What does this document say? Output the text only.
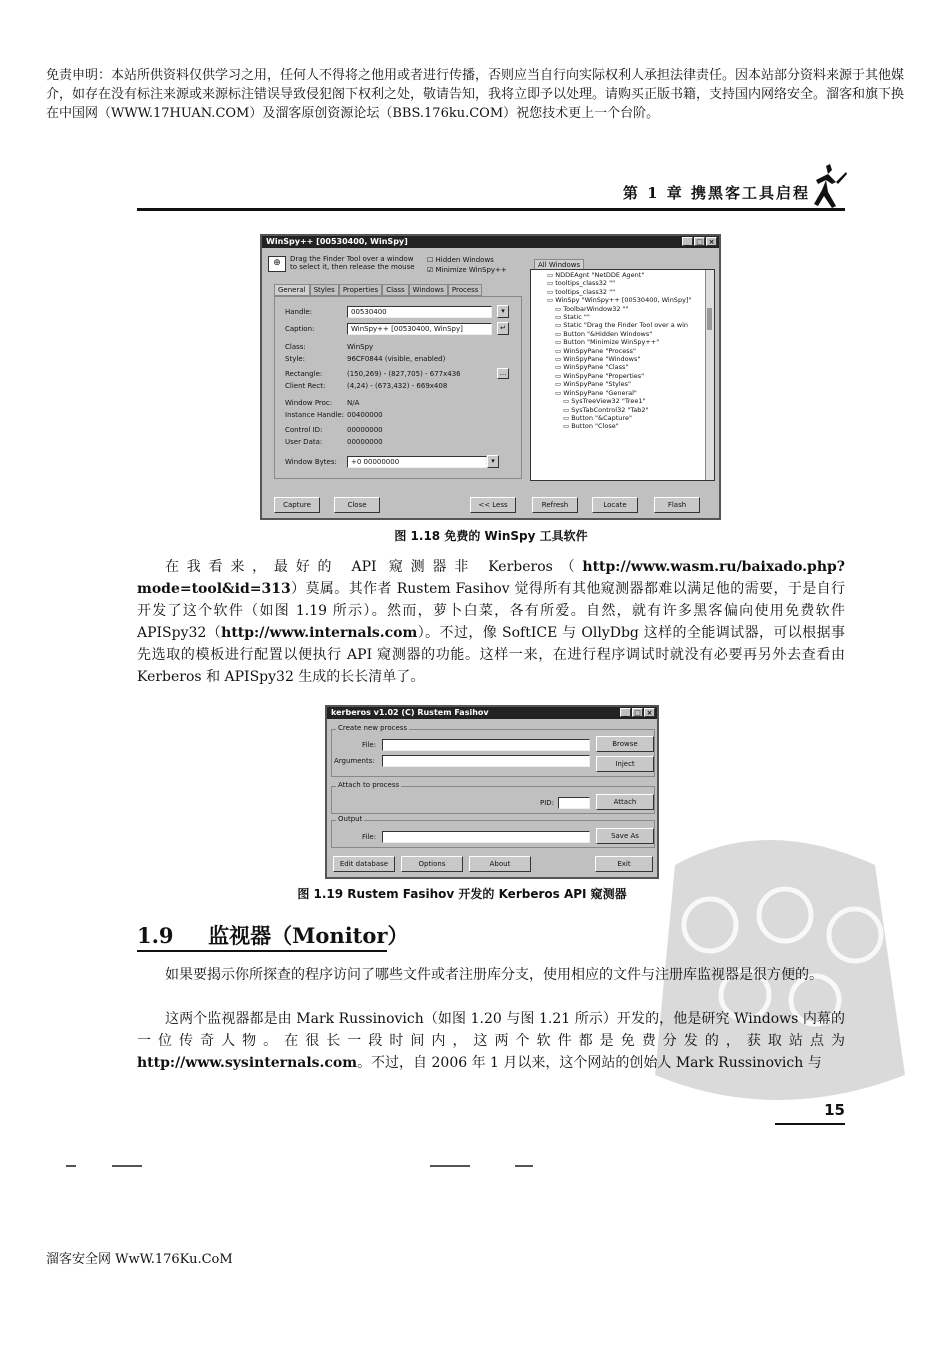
免责申明：本站所供资料仅供学习之用，任何人不得将之他用或者进行传播，否则应当自行向实际权利人承担法律责任。因本站部分资料来源于其他媒介，如存在没有标注来源或来源标注错误导致侵犯阁下权利之处，敬请告知，我将立即予以处理。请购买正版书籍，支持国内网络安全。溜客和旗下换在中国网（WWW.17HUAN.COM）及溜客原创资源论坛（BBS.176ku.COM）祝您技术更上一个台阶。
第 1 章 携黑客工具启程
WinSpy++ [00530400, WinSpy]	_ □ ×
⊕	Drag the Finder Tool over a window to select it, then release the mouse
☐ Hidden Windows
☑ Minimize WinSpy++
General	Styles	Properties	Class	Windows	Process
Handle:	00530400	▾
Caption:	WinSpy++ [00530400, WinSpy]	↵
Class:	WinSpy
Style:	96CF0844 (visible, enabled)
Rectangle:	(150,269) - (827,705) - 677x436	…
Client Rect:	(4,24) - (673,432) - 669x408
Window Proc: N/A
Instance Handle: 00400000
Control ID:	00000000
User Data:	00000000
Window Bytes:	+0 00000000	▾
All Windows
▭ NDDEAgnt "NetDDE Agent"
▭ tooltips_class32 ""
▭ tooltips_class32 ""
▭ WinSpy "WinSpy++ [00530400, WinSpy]"
▭ ToolbarWindow32 ""
▭ Static ""
▭ Static "Drag the Finder Tool over a win
▭ Button "&Hidden Windows"
▭ Button "Minimize WinSpy++"
▭ WinSpyPane "Process"
▭ WinSpyPane "Windows"
▭ WinSpyPane "Class"
▭ WinSpyPane "Properties"
▭ WinSpyPane "Styles"
▭ WinSpyPane "General"
▭ SysTreeView32 "Tree1"
▭ SysTabControl32 "Tab2"
▭ Button "&Capture"
▭ Button "Close"
Capture	Close	<< Less	Refresh	Locate	Flash
图 1.18 免费的 WinSpy 工具软件
在我看来，最好的 API 窥测器非 Kerberos（http://www.wasm.ru/baixado.php?mode=tool&id=313）莫属。其作者 Rustem Fasihov 觉得所有其他窥测器都难以满足他的需要，于是自行开发了这个软件（如图 1.19 所示）。然而，萝卜白菜，各有所爱。自然，就有许多黑客偏向使用免费软件 APISpy32（http://www.internals.com）。不过，像 SoftICE 与 OllyDbg 这样的全能调试器，可以根据事先选取的模板进行配置以便执行 API 窥测器的功能。这样一来，在进行程序调试时就没有必要再另外去查看由 Kerberos 和 APISpy32 生成的长长清单了。
kerberos v1.02 (C) Rustem Fasihov	_ □ ×
Create new process
File:
Arguments:
Browse
Inject
Attach to process
PID:	Attach
Output
File:	Save As
Edit database	Options	About	Exit
图 1.19 Rustem Fasihov 开发的 Kerberos API 窥测器
1.9 监视器（Monitor）
如果要揭示你所探查的程序访问了哪些文件或者注册库分支，使用相应的文件与注册库监视器是很方便的。
这两个监视器都是由 Mark Russinovich（如图 1.20 与图 1.21 所示）开发的，他是研究 Windows 内幕的一位传奇人物。在很长一段时间内，这两个软件都是免费分发的，获取站点为 http://www.sysinternals.com。不过，自 2006 年 1 月以来，这个网站的创始人 Mark Russinovich 与
15
溜客安全网 WwW.176Ku.CoM
